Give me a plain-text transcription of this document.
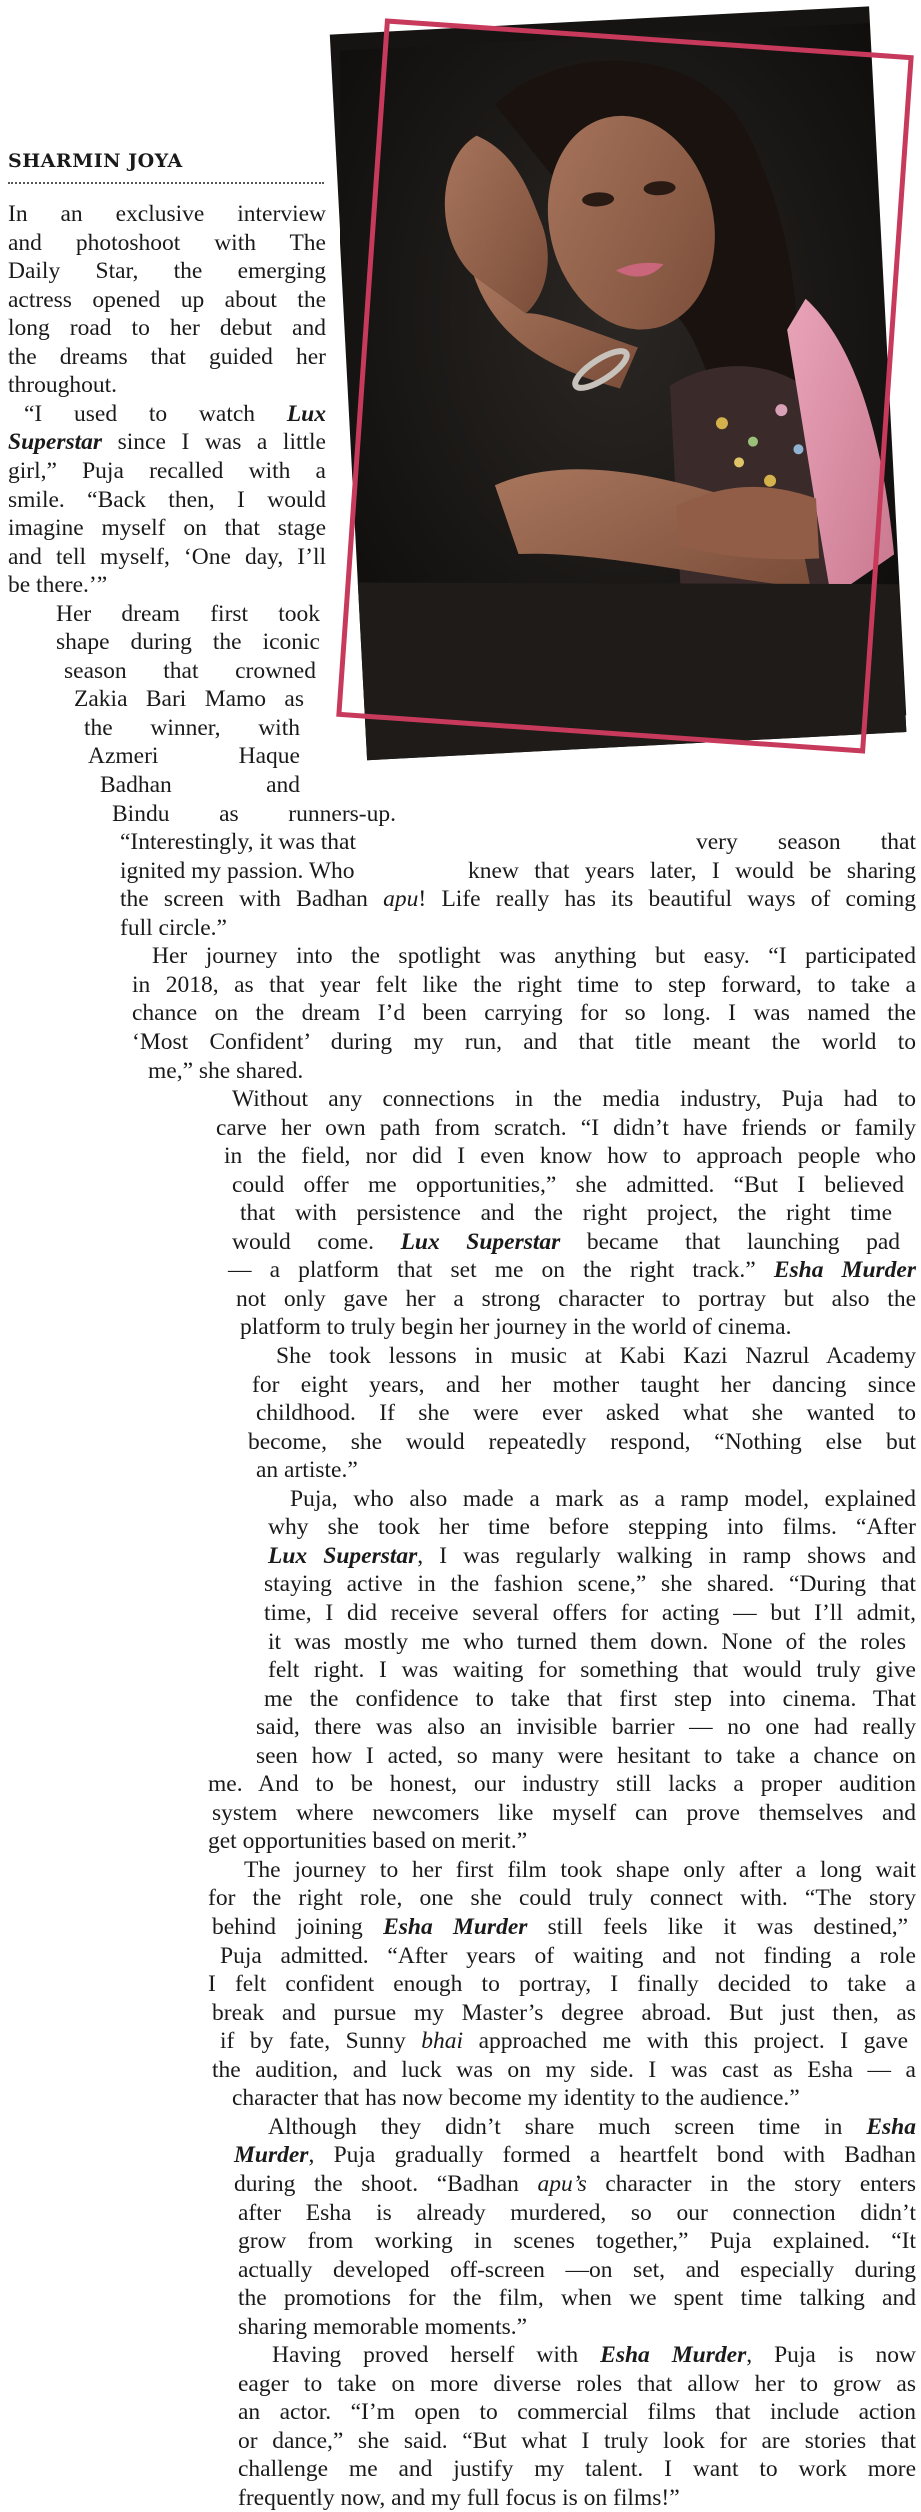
SHARMIN JOYA
In an exclusive interview
and photoshoot with The
Daily Star, the emerging
actress opened up about the
long road to her debut and
the dreams that guided her
throughout.
“I used to watch Lux
Superstar since I was a little
girl,” Puja recalled with a
smile. “Back then, I would
imagine myself on that stage
and tell myself, ‘One day, I’ll
be there.’”
Her dream first took
shape during the iconic
season that crowned
Zakia Bari Mamo as
the winner, with
Azmeri Haque
Badhan and
Bindu as runners-up.
“Interestingly, it was that	very season that
ignited my passion. Who	knew that years later, I would be sharing
the screen with Badhan apu! Life really has its beautiful ways of coming
full circle.”
Her journey into the spotlight was anything but easy. “I participated
in 2018, as that year felt like the right time to step forward, to take a
chance on the dream I’d been carrying for so long. I was named the
‘Most Confident’ during my run, and that title meant the world to
me,” she shared.
Without any connections in the media industry, Puja had to
carve her own path from scratch. “I didn’t have friends or family
in the field, nor did I even know how to approach people who
could offer me opportunities,” she admitted. “But I believed
that with persistence and the right project, the right time
would come. Lux Superstar became that launching pad
— a platform that set me on the right track.” Esha Murder
not only gave her a strong character to portray but also the
platform to truly begin her journey in the world of cinema.
She took lessons in music at Kabi Kazi Nazrul Academy
for eight years, and her mother taught her dancing since
childhood. If she were ever asked what she wanted to
become, she would repeatedly respond, “Nothing else but
an artiste.”
Puja, who also made a mark as a ramp model, explained
why she took her time before stepping into films. “After
Lux Superstar, I was regularly walking in ramp shows and
staying active in the fashion scene,” she shared. “During that
time, I did receive several offers for acting — but I’ll admit,
it was mostly me who turned them down. None of the roles
felt right. I was waiting for something that would truly give
me the confidence to take that first step into cinema. That
said, there was also an invisible barrier — no one had really
seen how I acted, so many were hesitant to take a chance on
me. And to be honest, our industry still lacks a proper audition
system where newcomers like myself can prove themselves and
get opportunities based on merit.”
The journey to her first film took shape only after a long wait
for the right role, one she could truly connect with. “The story
behind joining Esha Murder still feels like it was destined,”
Puja admitted. “After years of waiting and not finding a role
I felt confident enough to portray, I finally decided to take a
break and pursue my Master’s degree abroad. But just then, as
if by fate, Sunny bhai approached me with this project. I gave
the audition, and luck was on my side. I was cast as Esha — a
character that has now become my identity to the audience.”
Although they didn’t share much screen time in Esha
Murder, Puja gradually formed a heartfelt bond with Badhan
during the shoot. “Badhan apu’s character in the story enters
after Esha is already murdered, so our connection didn’t
grow from working in scenes together,” Puja explained. “It
actually developed off-screen —on set, and especially during
the promotions for the film, when we spent time talking and
sharing memorable moments.”
Having proved herself with Esha Murder, Puja is now
eager to take on more diverse roles that allow her to grow as
an actor. “I’m open to commercial films that include action
or dance,” she said. “But what I truly look for are stories that
challenge me and justify my talent. I want to work more
frequently now, and my full focus is on films!”
